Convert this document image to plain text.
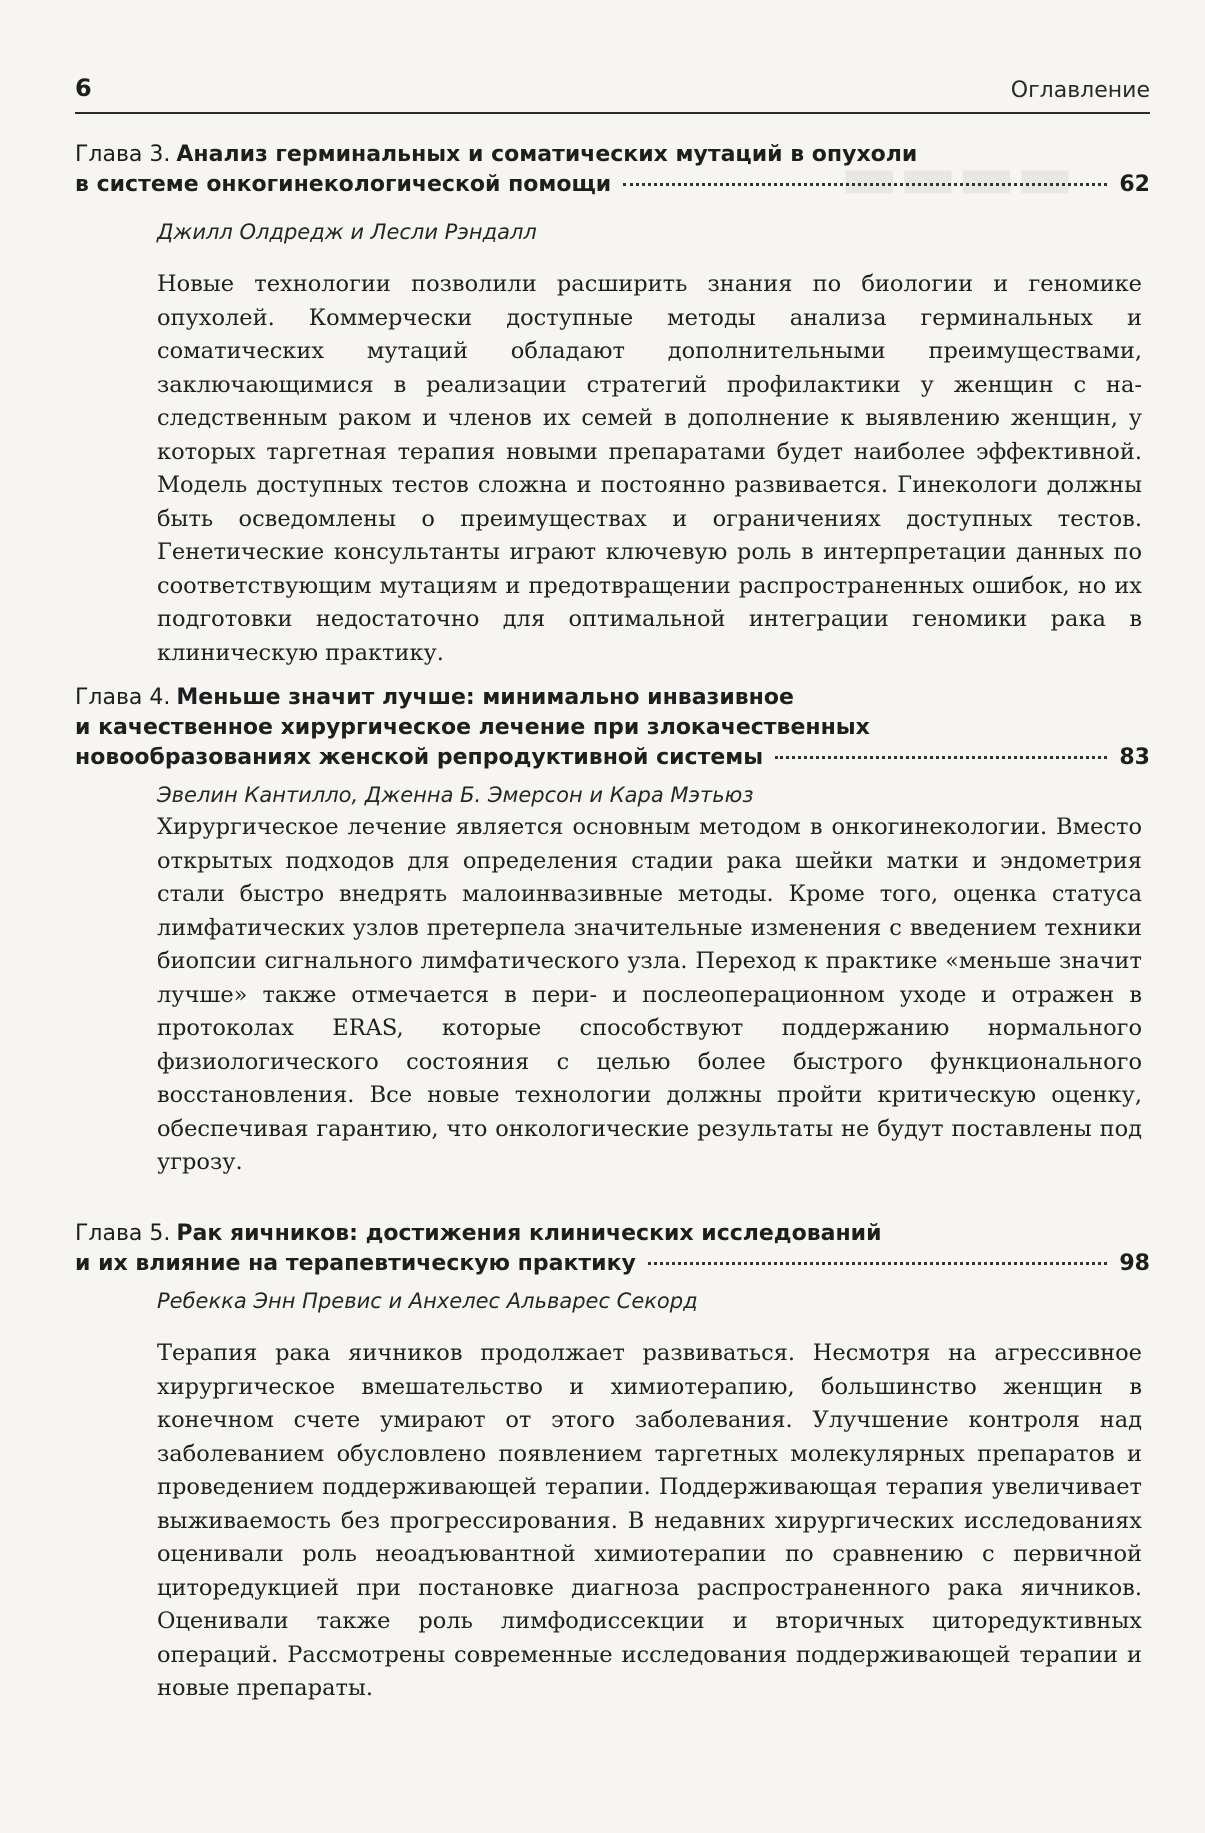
▬▬▬▬
6	Оглавление
Глава 3. Анализ герминальных и соматических мутаций в опухоли
в системе онкогинекологической помощи	62
Джилл Олдредж и Лесли Рэндалл
Новые технологии позволили расширить знания по биологии и геномике опухолей. Коммерчески доступные методы анализа герминальных и соматических мутаций обладают дополнительными преимуществами, заключающимися в реализации стратегий профилактики у женщин с наследственным раком и членов их семей в дополнение к выявлению женщин, у которых таргетная терапия новыми препаратами будет наиболее эффективной. Модель доступных тестов сложна и постоянно развивается. Гинекологи должны быть осведомлены о преимуществах и ограничениях доступных тестов. Генетические консультанты играют ключевую роль в интерпретации данных по соответствующим мутациям и предотвращении распространенных ошибок, но их подготовки недостаточно для оптимальной интеграции геномики рака в клиническую практику.
Глава 4. Меньше значит лучше: минимально инвазивное
и качественное хирургическое лечение при злокачественных
новообразованиях женской репродуктивной системы	83
Эвелин Кантилло, Дженна Б. Эмерсон и Кара Мэтьюз
Хирургическое лечение является основным методом в онкогинекологии. Вместо открытых подходов для определения стадии рака шейки матки и эндометрия стали быстро внедрять малоинвазивные методы. Кроме того, оценка статуса лимфатических узлов претерпела значительные изменения с введением техники биопсии сигнального лимфатического узла. Переход к практике «меньше значит лучше» также отмечается в пери- и послеоперационном уходе и отражен в протоколах ERAS, которые способствуют поддержанию нормального физиологического состояния с целью более быстрого функционального восстановления. Все новые технологии должны пройти критическую оценку, обеспечивая гарантию, что онкологические результаты не будут поставлены под угрозу.
Глава 5. Рак яичников: достижения клинических исследований
и их влияние на терапевтическую практику	98
Ребекка Энн Превис и Анхелес Альварес Секорд
Терапия рака яичников продолжает развиваться. Несмотря на агрессивное хирургическое вмешательство и химиотерапию, большинство женщин в конечном счете умирают от этого заболевания. Улучшение контроля над заболеванием обусловлено появлением таргетных молекулярных препаратов и проведением поддерживающей терапии. Поддерживающая терапия увеличивает выживаемость без прогрессирования. В недавних хирургических исследованиях оценивали роль неоадъювантной химиотерапии по сравнению с первичной циторедукцией при постановке диагноза распространенного рака яичников. Оценивали также роль лимфодиссекции и вторичных циторедуктивных операций. Рассмотрены современные исследования поддерживающей терапии и новые препараты.
